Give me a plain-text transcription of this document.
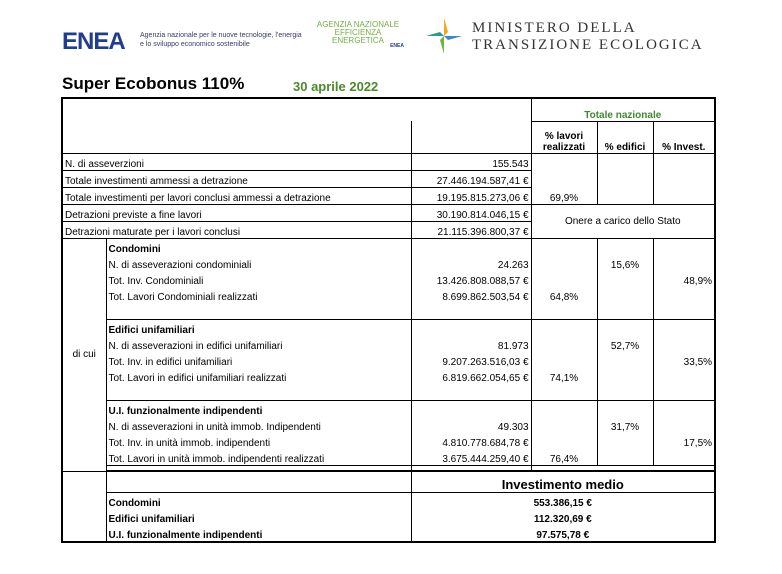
ENEA Agenzia nazionale per le nuove tecnologie, l'energia e lo sviluppo economico sostenibile
AGENZIA NAZIONALE EFFICIENZA ENERGETICA
ENEA
MINISTERO DELLA
TRANSIZIONE ECOLOGICA
Super Ecobonus 110%	30 aprile 2022
			Totale nazionale		
			% lavori realizzati	% edifici	% Invest.
N. di asseverzioni		155.543			
Totale investimenti ammessi a detrazione		27.446.194.587,41 €			
Totale investimenti per lavori conclusi ammessi a detrazione		19.195.815.273,06 €	69,9%		
Detrazioni previste a fine lavori		30.190.814.046,15 €	Onere a carico dello Stato		
Detrazioni maturate per i lavori conclusi		21.115.396.800,37 €			
di cui	Condomini				
	N. di asseverazioni condominiali	24.263		15,6%	
	Tot. Inv. Condominiali	13.426.808.088,57 €			48,9%
	Tot. Lavori Condominiali realizzati	8.699.862.503,54 €	64,8%		

	Edifici unifamiliari				
	N. di asseverazioni in edifici unifamiliari	81.973		52,7%	
	Tot. Inv. in edifici unifamiliari	9.207.263.516,03 €			33,5%
	Tot. Lavori in edifici unifamiliari realizzati	6.819.662.054,65 €	74,1%		

	U.I. funzionalmente indipendenti				
	N. di asseverazioni in unità immob. Indipendenti	49.303		31,7%	
	Tot. Inv. in unità immob. indipendenti	4.810.778.684,78 €			17,5%
	Tot. Lavori in unità immob. indipendenti realizzati	3.675.444.259,40 €	76,4%		

		Investimento medio			
	Condomini	553.386,15 €			
	Edifici unifamiliari	112.320,69 €			
	U.I. funzionalmente indipendenti	97.575,78 €			
